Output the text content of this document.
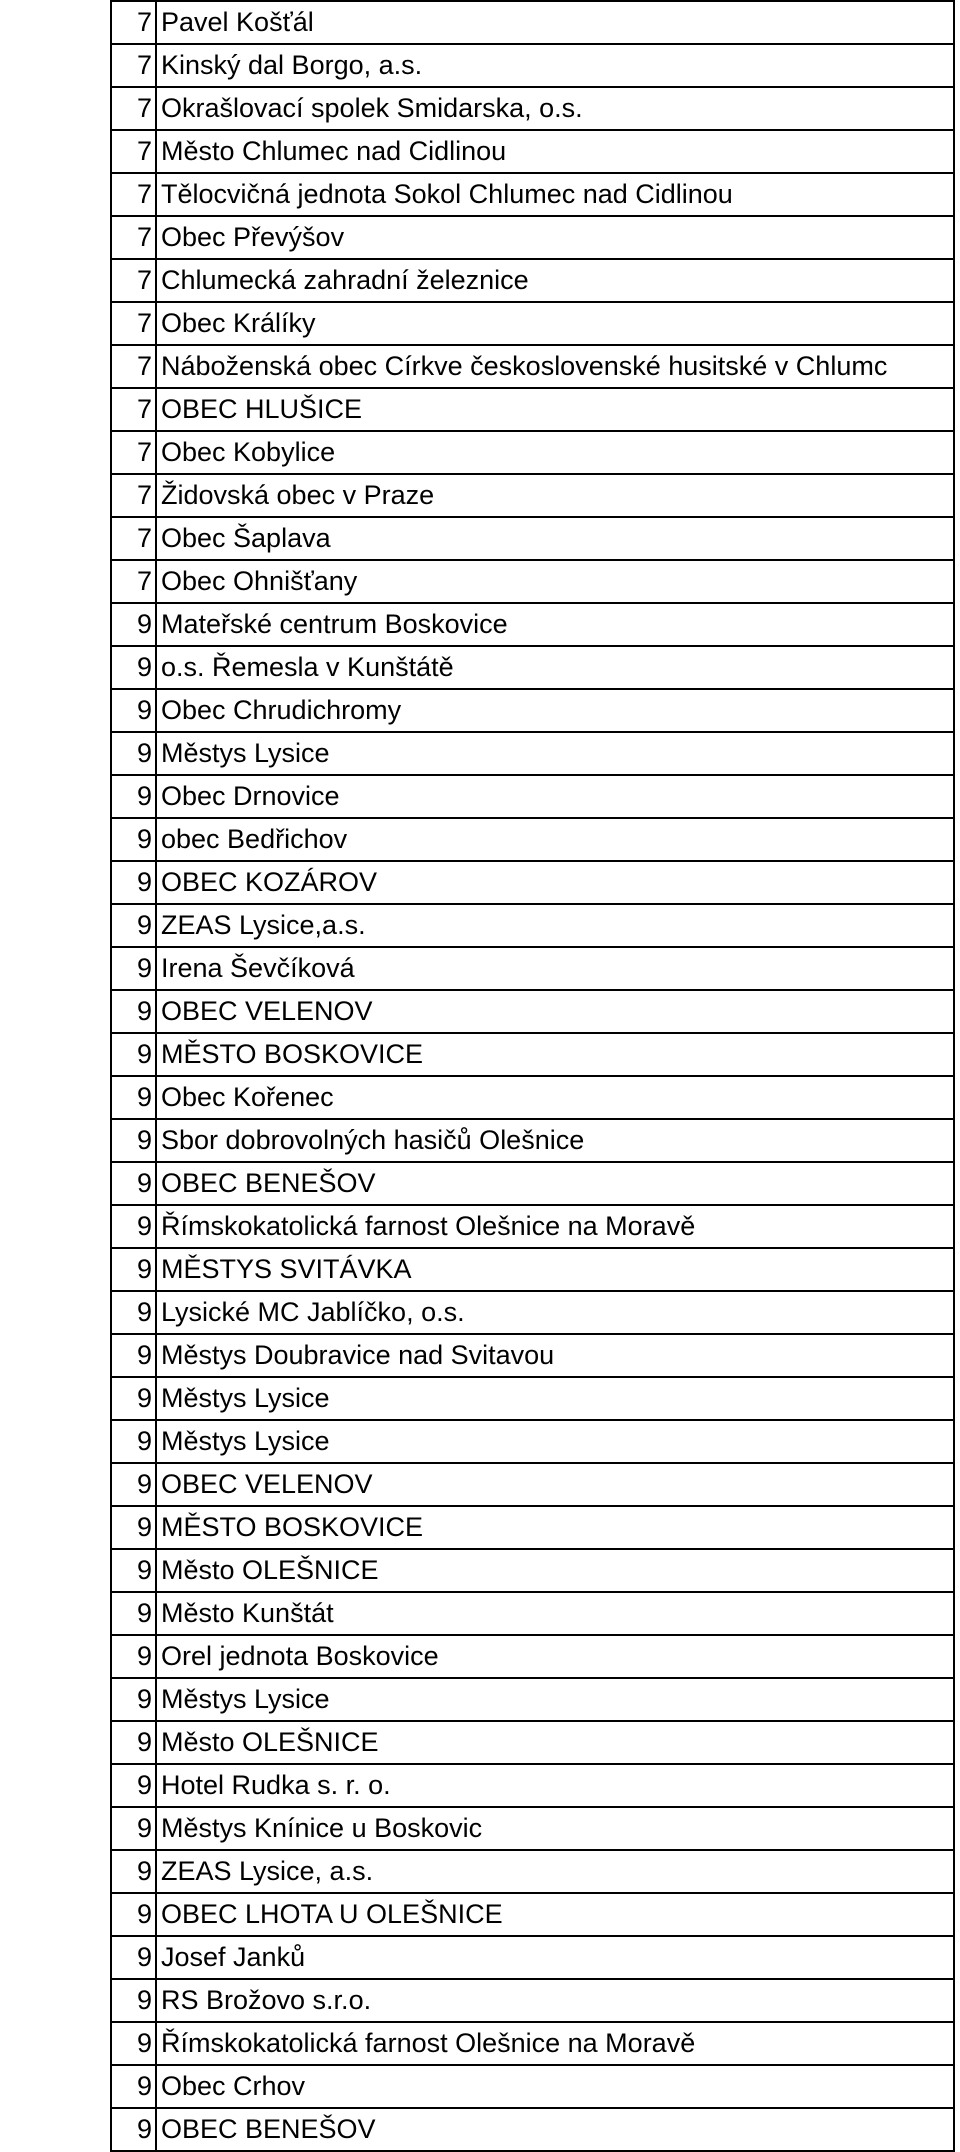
7	Pavel Košťál
7	Kinský dal Borgo, a.s.
7	Okrašlovací spolek Smidarska, o.s.
7	Město Chlumec nad Cidlinou
7	Tělocvičná jednota Sokol Chlumec nad Cidlinou
7	Obec Převýšov
7	Chlumecká zahradní železnice
7	Obec Králíky
7	Náboženská obec Církve československé husitské v Chlumc
7	OBEC HLUŠICE
7	Obec Kobylice
7	Židovská obec v Praze
7	Obec Šaplava
7	Obec Ohnišťany
9	Mateřské centrum Boskovice
9	o.s. Řemesla v Kunštátě
9	Obec Chrudichromy
9	Městys Lysice
9	Obec Drnovice
9	obec Bedřichov
9	OBEC KOZÁROV
9	ZEAS Lysice,a.s.
9	Irena Ševčíková
9	OBEC VELENOV
9	MĚSTO BOSKOVICE
9	Obec Kořenec
9	Sbor dobrovolných hasičů Olešnice
9	OBEC BENEŠOV
9	Římskokatolická farnost Olešnice na Moravě
9	MĚSTYS SVITÁVKA
9	Lysické MC Jablíčko, o.s.
9	Městys Doubravice nad Svitavou
9	Městys Lysice
9	Městys Lysice
9	OBEC VELENOV
9	MĚSTO BOSKOVICE
9	Město OLEŠNICE
9	Město Kunštát
9	Orel jednota Boskovice
9	Městys Lysice
9	Město OLEŠNICE
9	Hotel Rudka s. r. o.
9	Městys Knínice u Boskovic
9	ZEAS Lysice, a.s.
9	OBEC LHOTA U OLEŠNICE
9	Josef Janků
9	RS Brožovo s.r.o.
9	Římskokatolická farnost Olešnice na Moravě
9	Obec Crhov
9	OBEC BENEŠOV
